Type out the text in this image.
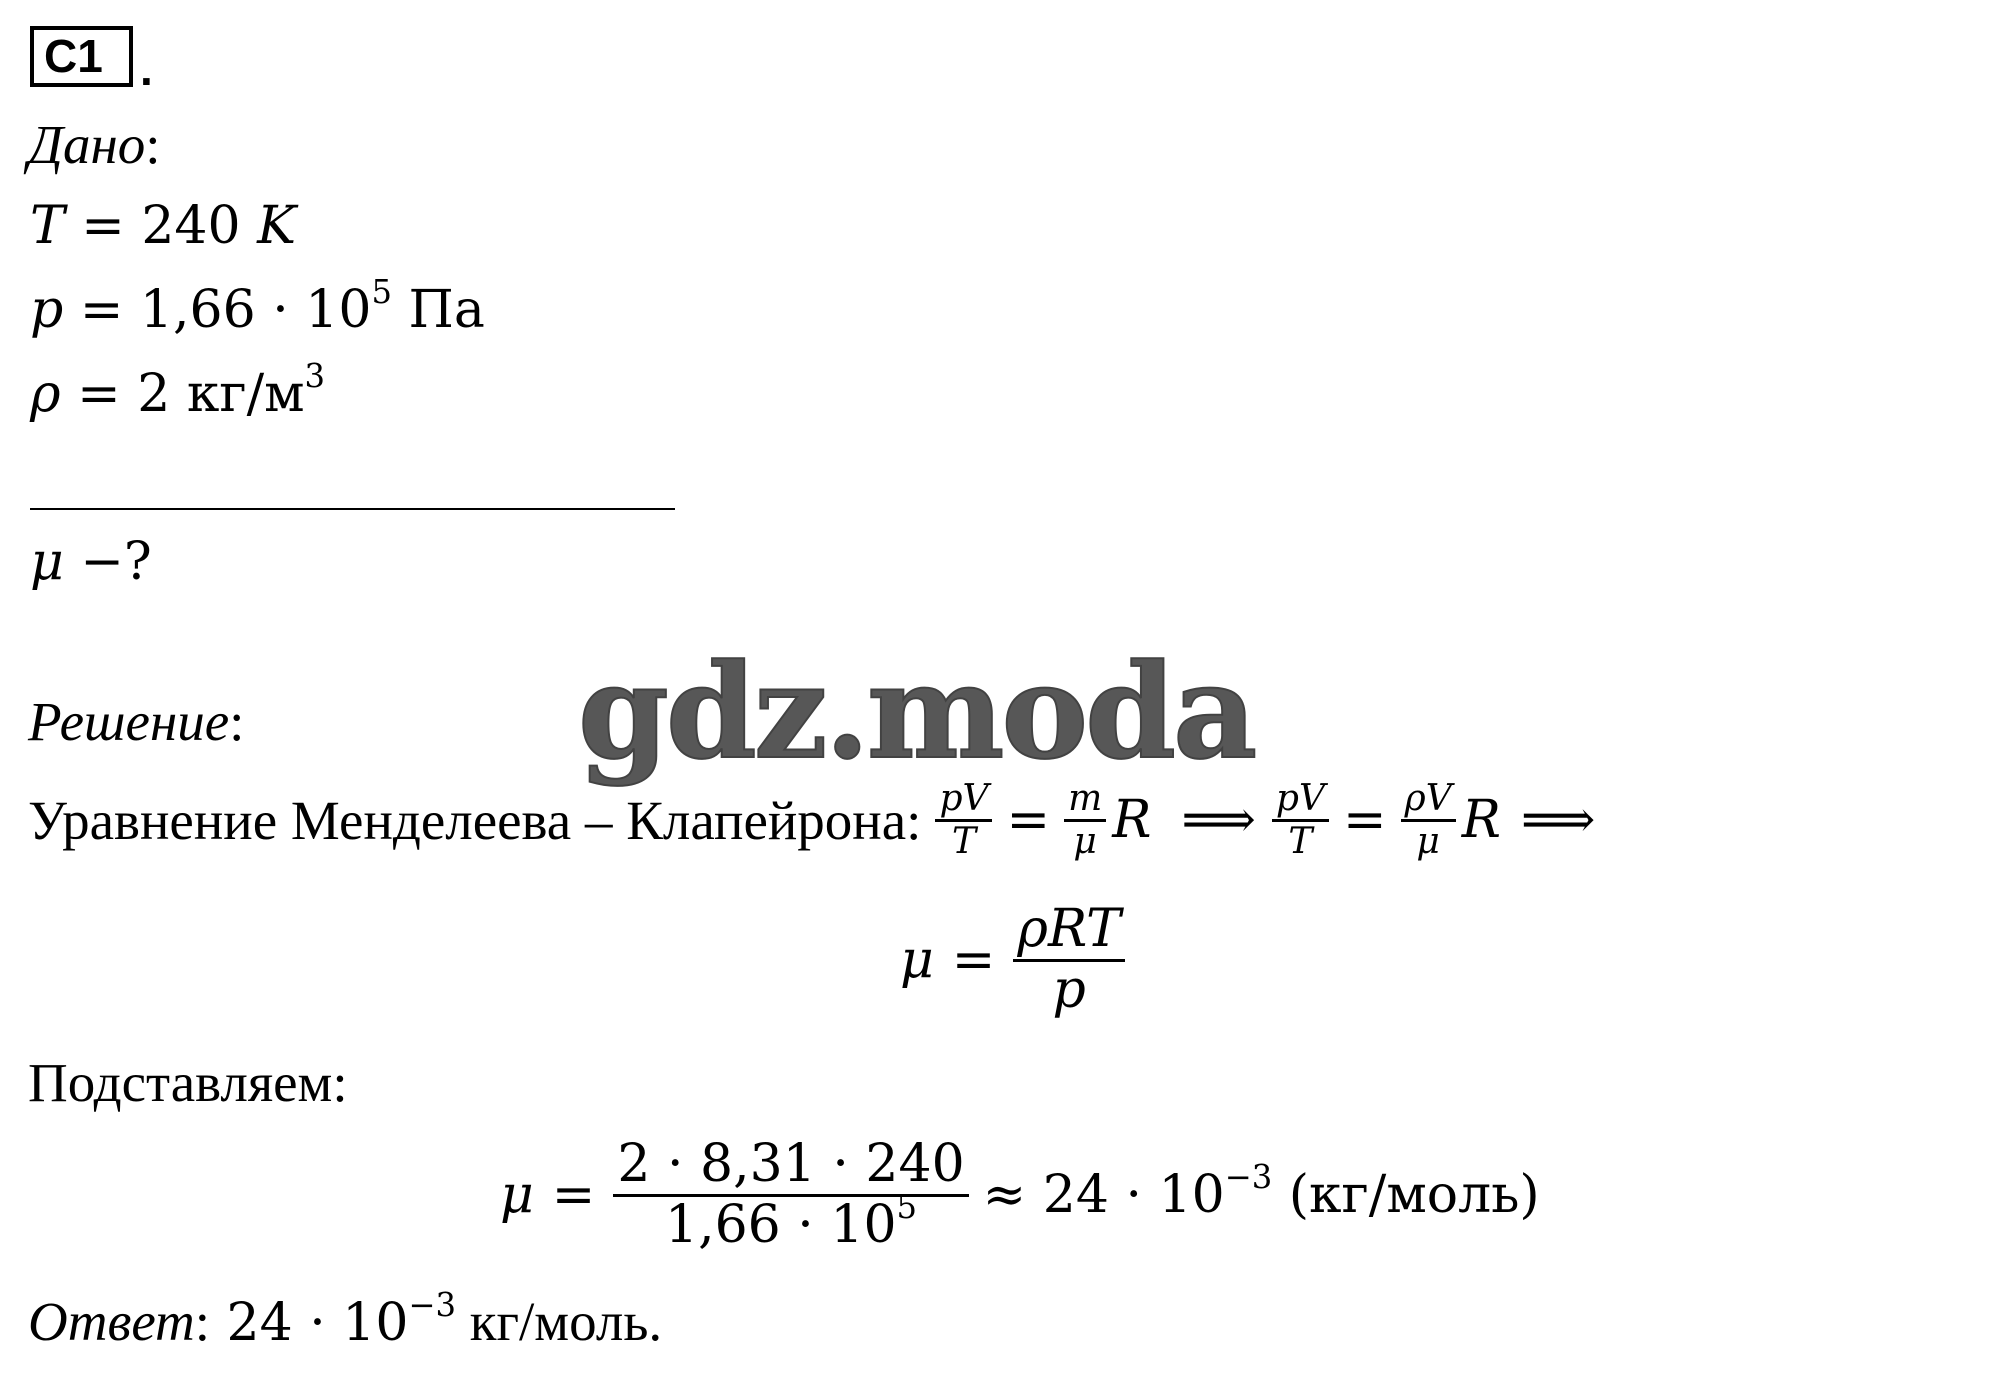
C1 .
Дано:
T = 240 K
$p = 1,66 \cdot 10^5$ Па
ρ = 2 $кг/м^3$
μ −?
gdz.moda
Решение:
Уравнение Менделеева – Клапейрона: $\frac{pV}{T} = \frac{m}{\mu}$ R ⟹ $\frac{pV}{T} = \frac{\rho V}{\mu}$ R ⟹
$\mu = \frac{\text{ρRT}}{p}$
Подставляем:
$\mu = \frac{2 \cdot 8,31 \cdot 240}{1,66 \cdot 10^5} \approx 24 \cdot 10^{-3}$ (кг/моль)
Ответ: $24 \cdot 10^{-3}$ кг/моль.
